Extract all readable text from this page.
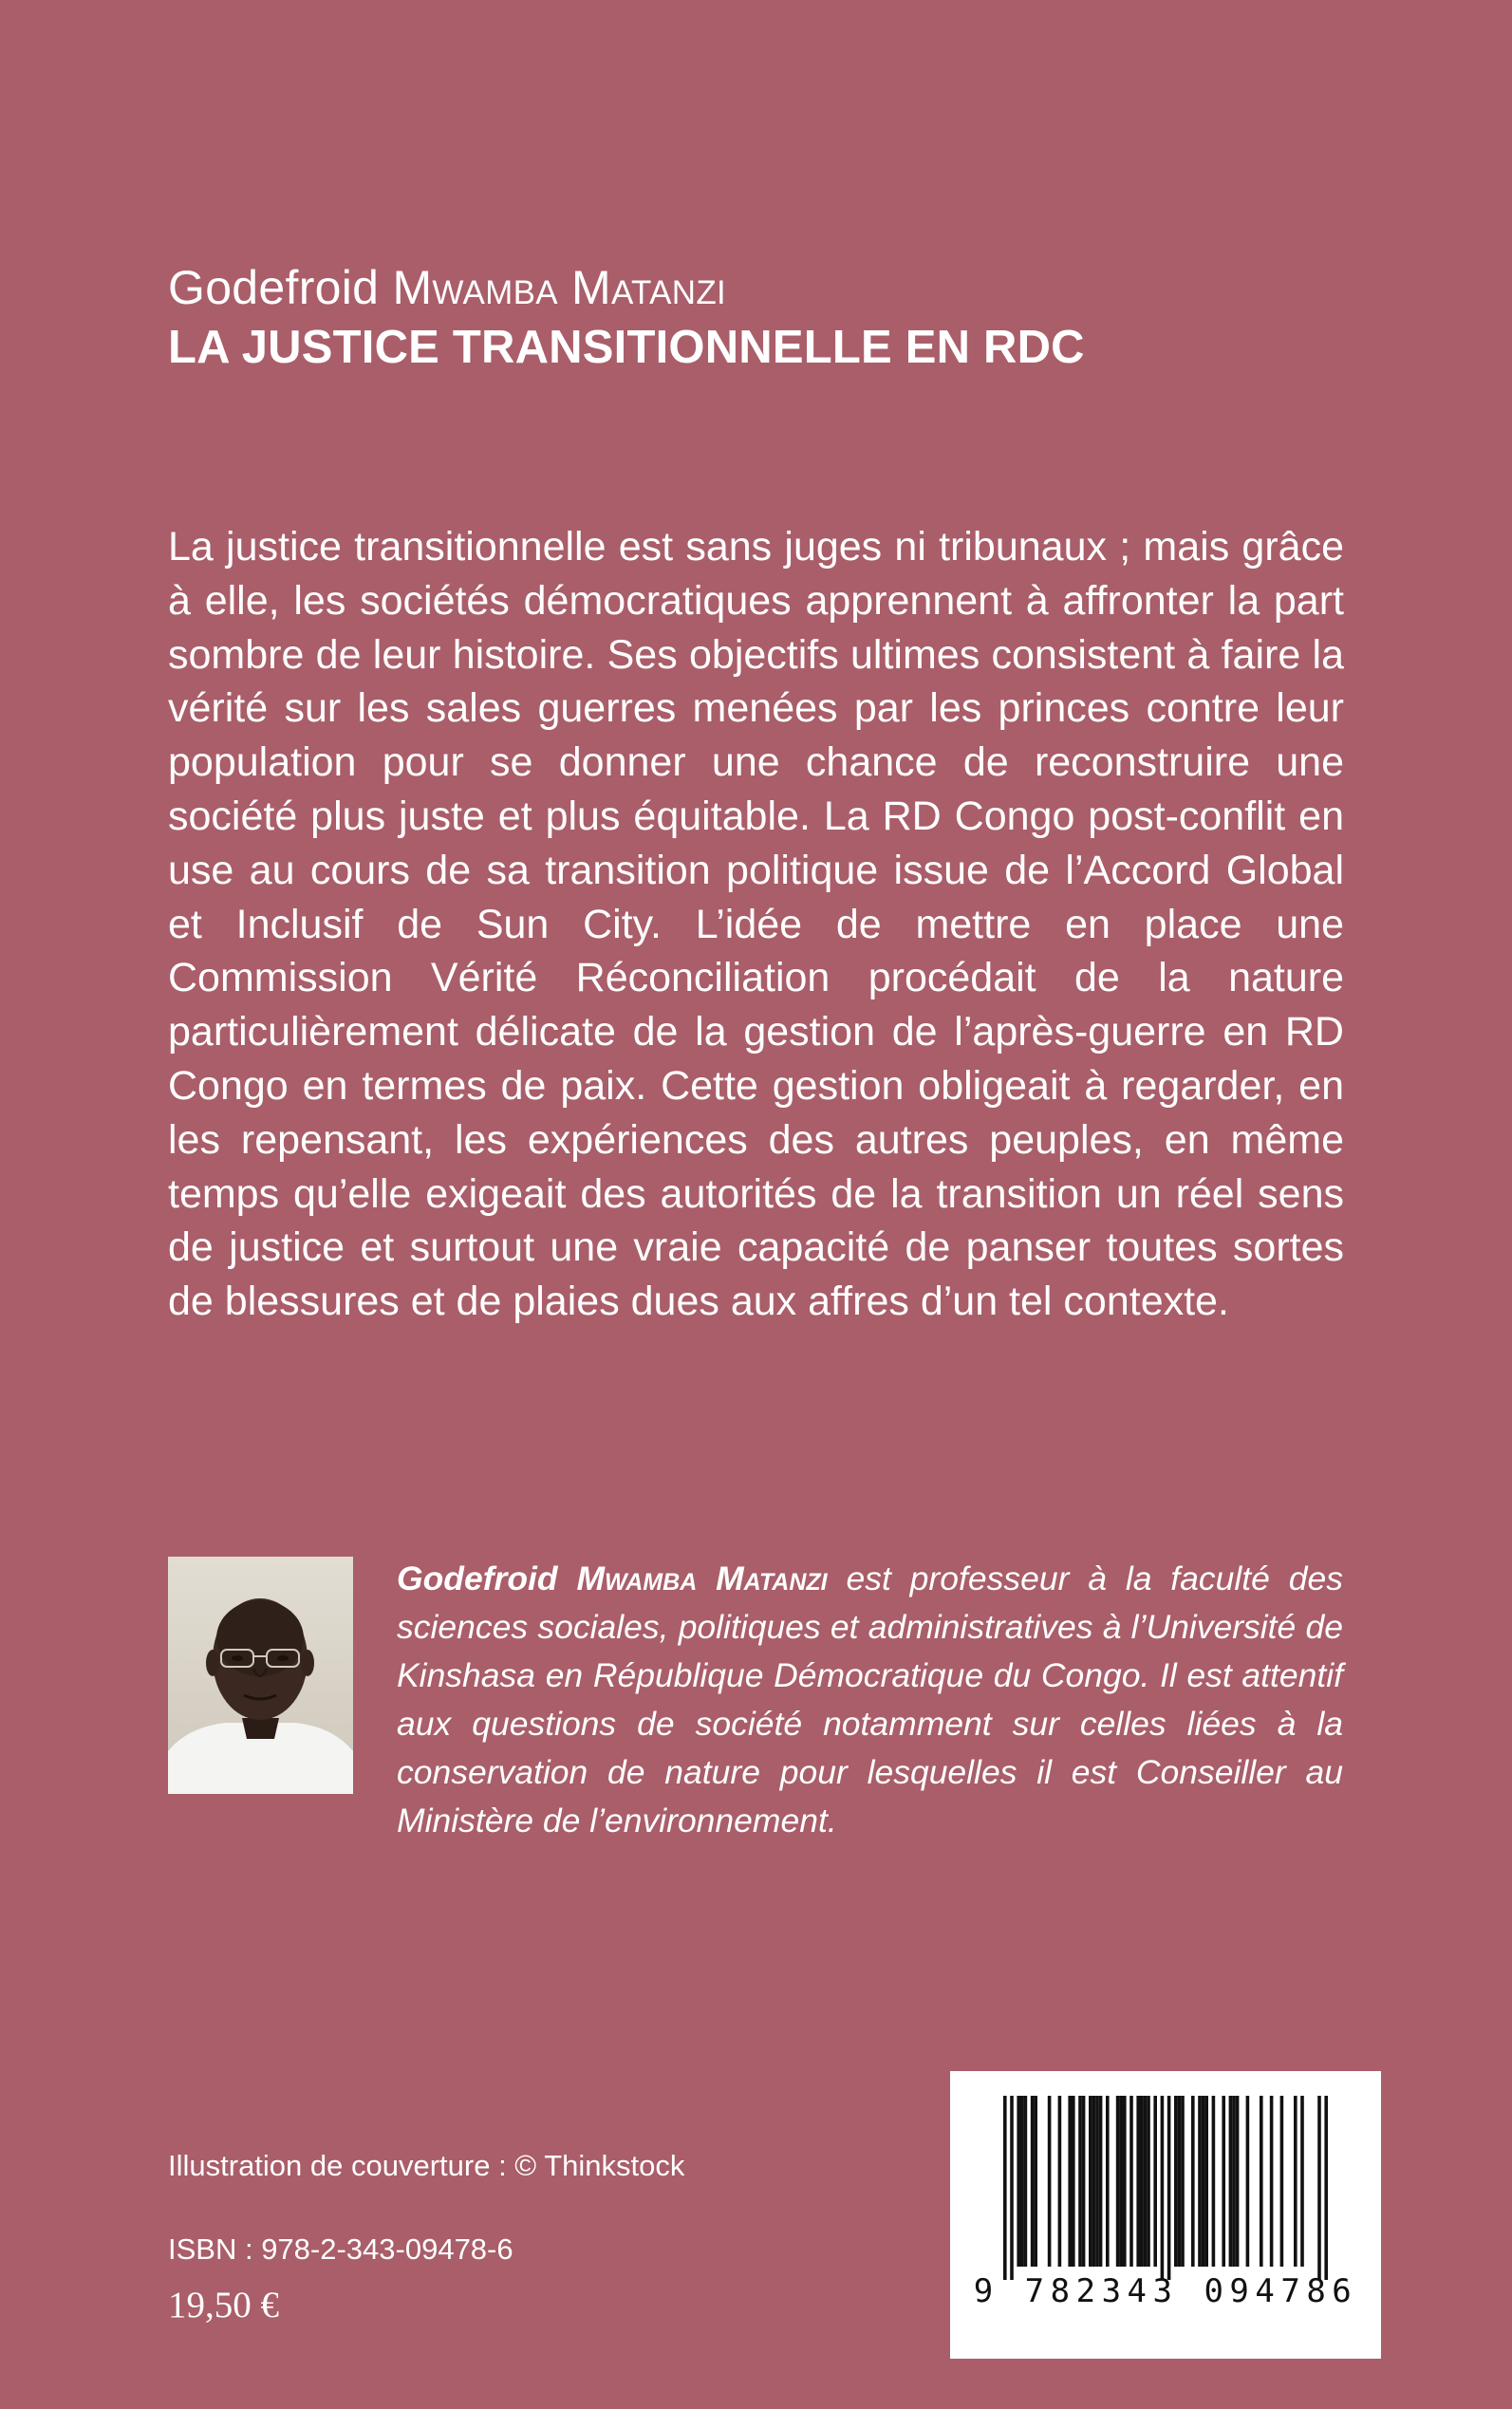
Godefroid Mwamba Matanzi
LA JUSTICE TRANSITIONNELLE EN RDC

La justice transitionnelle est sans juges ni tribunaux ; mais grâce à elle, les sociétés démocratiques apprennent à affronter la part sombre de leur histoire. Ses objectifs ultimes consistent à faire la vérité sur les sales guerres menées par les princes contre leur population pour se donner une chance de reconstruire une société plus juste et plus équitable. La RD Congo post-conflit en use au cours de sa transition politique issue de l’Accord Global et Inclusif de Sun City. L’idée de mettre en place une Commission Vérité Réconciliation procédait de la nature particulièrement délicate de la gestion de l’après-guerre en RD Congo en termes de paix. Cette gestion obligeait à regarder, en les repensant, les expériences des autres peuples, en même temps qu’elle exigeait des autorités de la transition un réel sens de justice et surtout une vraie capacité de panser toutes sortes de blessures et de plaies dues aux affres d’un tel contexte.

Godefroid Mwamba Matanzi est professeur à la faculté des sciences sociales, politiques et administratives à l’Université de Kinshasa en République Démocratique du Congo. Il est attentif aux questions de société notamment sur celles liées à la conservation de nature pour lesquelles il est Conseiller au Ministère de l’environnement.

Illustration de couverture : © Thinkstock
ISBN : 978-2-343-09478-6
19,50 €	9 782343 094786
